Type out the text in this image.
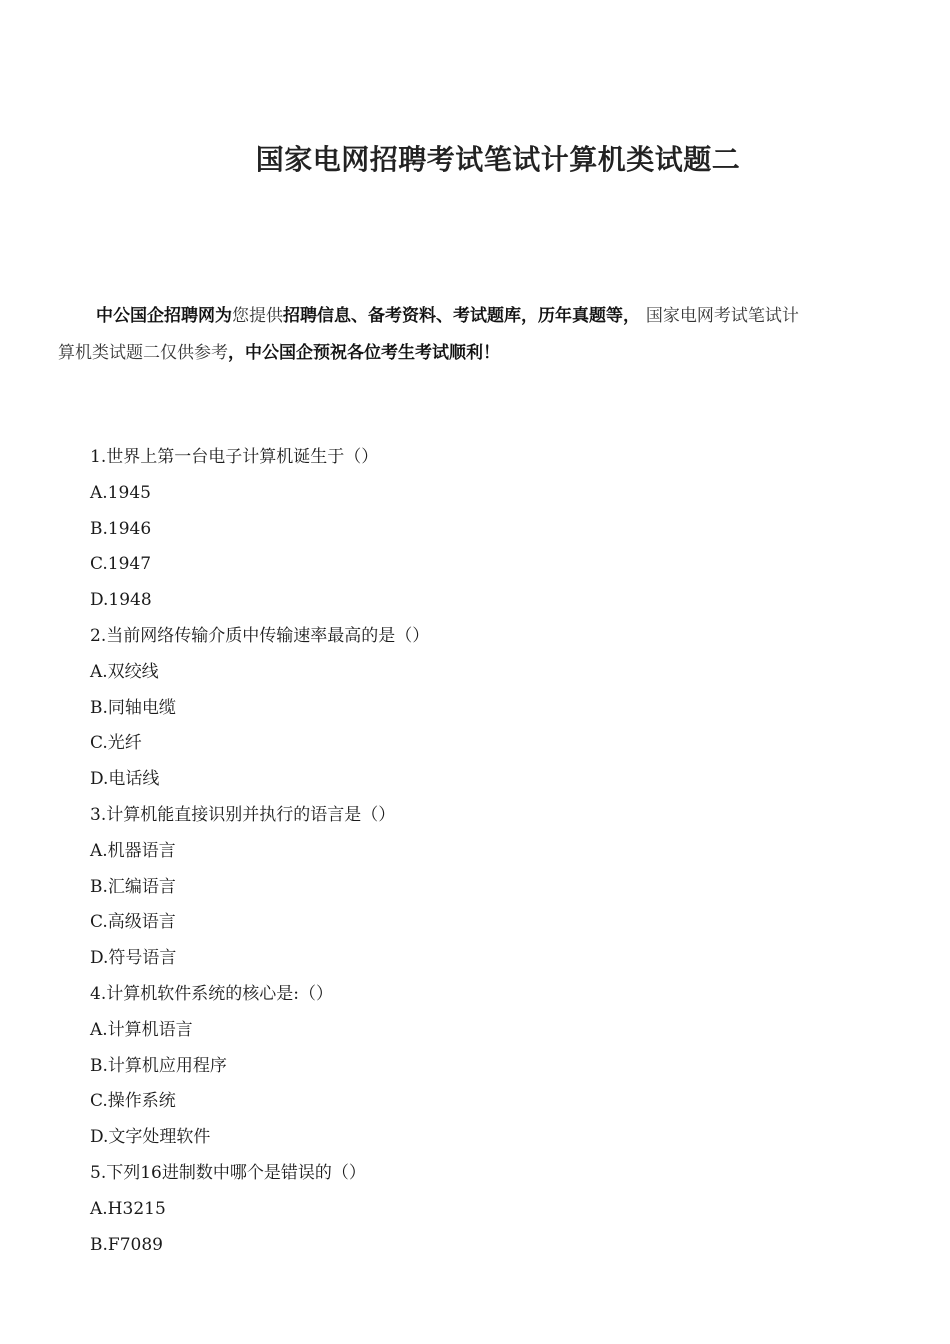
国家电网招聘考试笔试计算机类试题二
中公国企招聘网为您提供招聘信息、备考资料、考试题库，历年真题等， 国家电网考试笔试计
算机类试题二仅供参考，中公国企预祝各位考生考试顺利！
1.世界上第一台电子计算机诞生于（）
A.1945
B.1946
C.1947
D.1948
2.当前网络传输介质中传输速率最高的是（）
A.双绞线
B.同轴电缆
C.光纤
D.电话线
3.计算机能直接识别并执行的语言是（）
A.机器语言
B.汇编语言
C.高级语言
D.符号语言
4.计算机软件系统的核心是:（）
A.计算机语言
B.计算机应用程序
C.操作系统
D.文字处理软件
5.下列16进制数中哪个是错误的（）
A.H3215
B.F7089
